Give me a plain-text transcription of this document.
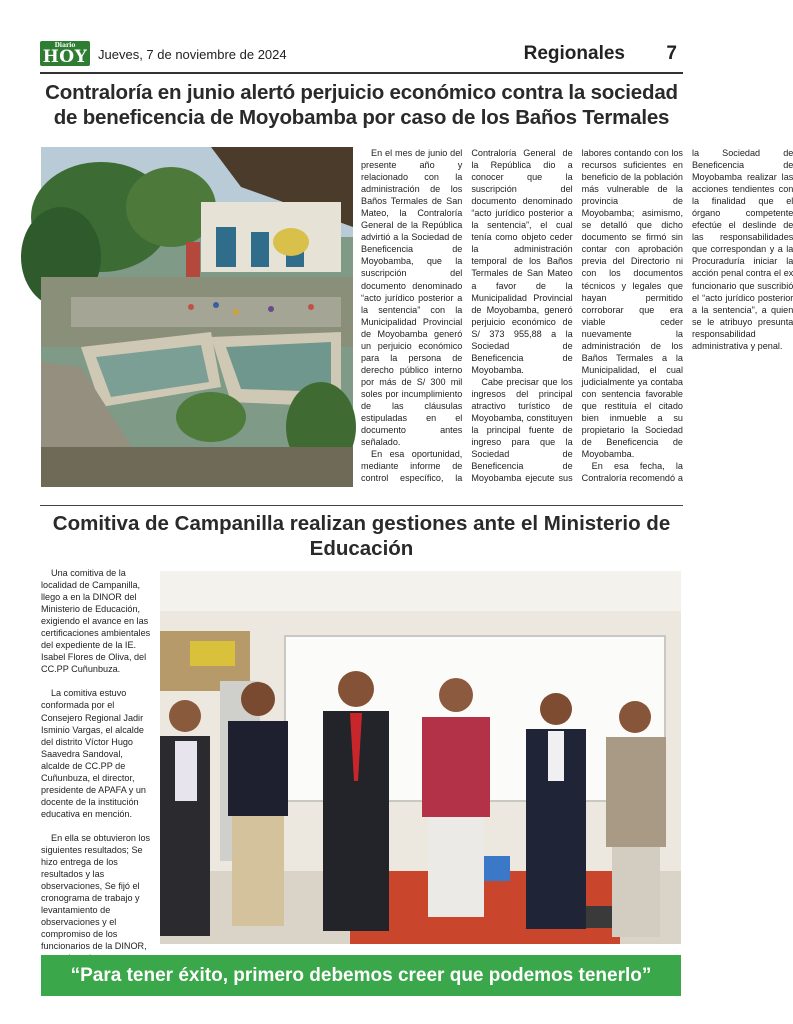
Diario
HOY Jueves, 7 de noviembre de 2024	Regionales 7
Contraloría en junio alertó perjuicio económico contra la sociedad de beneficencia de Moyobamba por caso de los Baños Termales

En el mes de junio del presente año y relacionado con la administración de los Baños Termales de San Mateo, la Contraloría General de la República advirtió a la Sociedad de Beneficencia de Moyobamba, que la suscripción del documento denominado “acto jurídico posterior a la sentencia” con la Municipalidad Provincial de Moyobamba generó un perjuicio económico para la persona de derecho público interno por más de S/ 300 mil soles por incumplimiento de las cláusulas estipuladas en el documento antes señalado.

En esa oportunidad, mediante informe de control específico, la Contraloría General de la República dio a conocer que la suscripción del documento denominado “acto jurídico posterior a la sentencia”, el cual tenía como objeto ceder la administración temporal de los Baños Termales de San Mateo a favor de la Municipalidad Provincial de Moyobamba, generó perjuicio económico de S/ 373 955,88 a la Sociedad de Beneficencia de Moyobamba.

Cabe precisar que los ingresos del principal atractivo turístico de Moyobamba, constituyen la principal fuente de ingreso para que la Sociedad de Beneficencia de Moyobamba ejecute sus labores contando con los recursos suficientes en beneficio de la población más vulnerable de la provincia de Moyobamba; asimismo, se detalló que dicho documento se firmó sin contar con aprobación previa del Directorio ni con los documentos técnicos y legales que hayan permitido corroborar que era viable ceder nuevamente la administración de los Baños Termales a la Municipalidad, el cual judicialmente ya contaba con sentencia favorable que restituía el citado bien inmueble a su propietario la Sociedad de Beneficencia de Moyobamba.

En esa fecha, la Contraloría recomendó a la Sociedad de Beneficencia de Moyobamba realizar las acciones tendientes con la finalidad que el órgano competente efectúe el deslinde de las responsabilidades que correspondan y a la Procuraduría iniciar la acción penal contra el ex funcionario que suscribió el “acto jurídico posterior a la sentencia”, a quien se le atribuyo presunta responsabilidad administrativa y penal.

Comitiva de Campanilla realizan gestiones ante el Ministerio de Educación

Una comitiva de la localidad de Campanilla, llego a en la DINOR del Ministerio de Educación, exigiendo el avance en las certificaciones ambientales del expediente de la IE. Isabel Flores de Oliva, del CC.PP Cuñunbuza.

La comitiva estuvo conformada por el Consejero Regional Jadir Isminio Vargas, el alcalde del distrito Víctor Hugo Saavedra Sandoval, alcalde de CC.PP de Cuñunbuza, el director, presidente de APAFA y un docente de la institución educativa en mención.

En ella se obtuvieron los siguientes resultados; Se hizo entrega de los resultados y las observaciones, Se fijó el cronograma de trabajo y levantamiento de observaciones y el compromiso de los funcionarios de la DINOR,

“Para tener éxito, primero debemos creer que podemos tenerlo”
